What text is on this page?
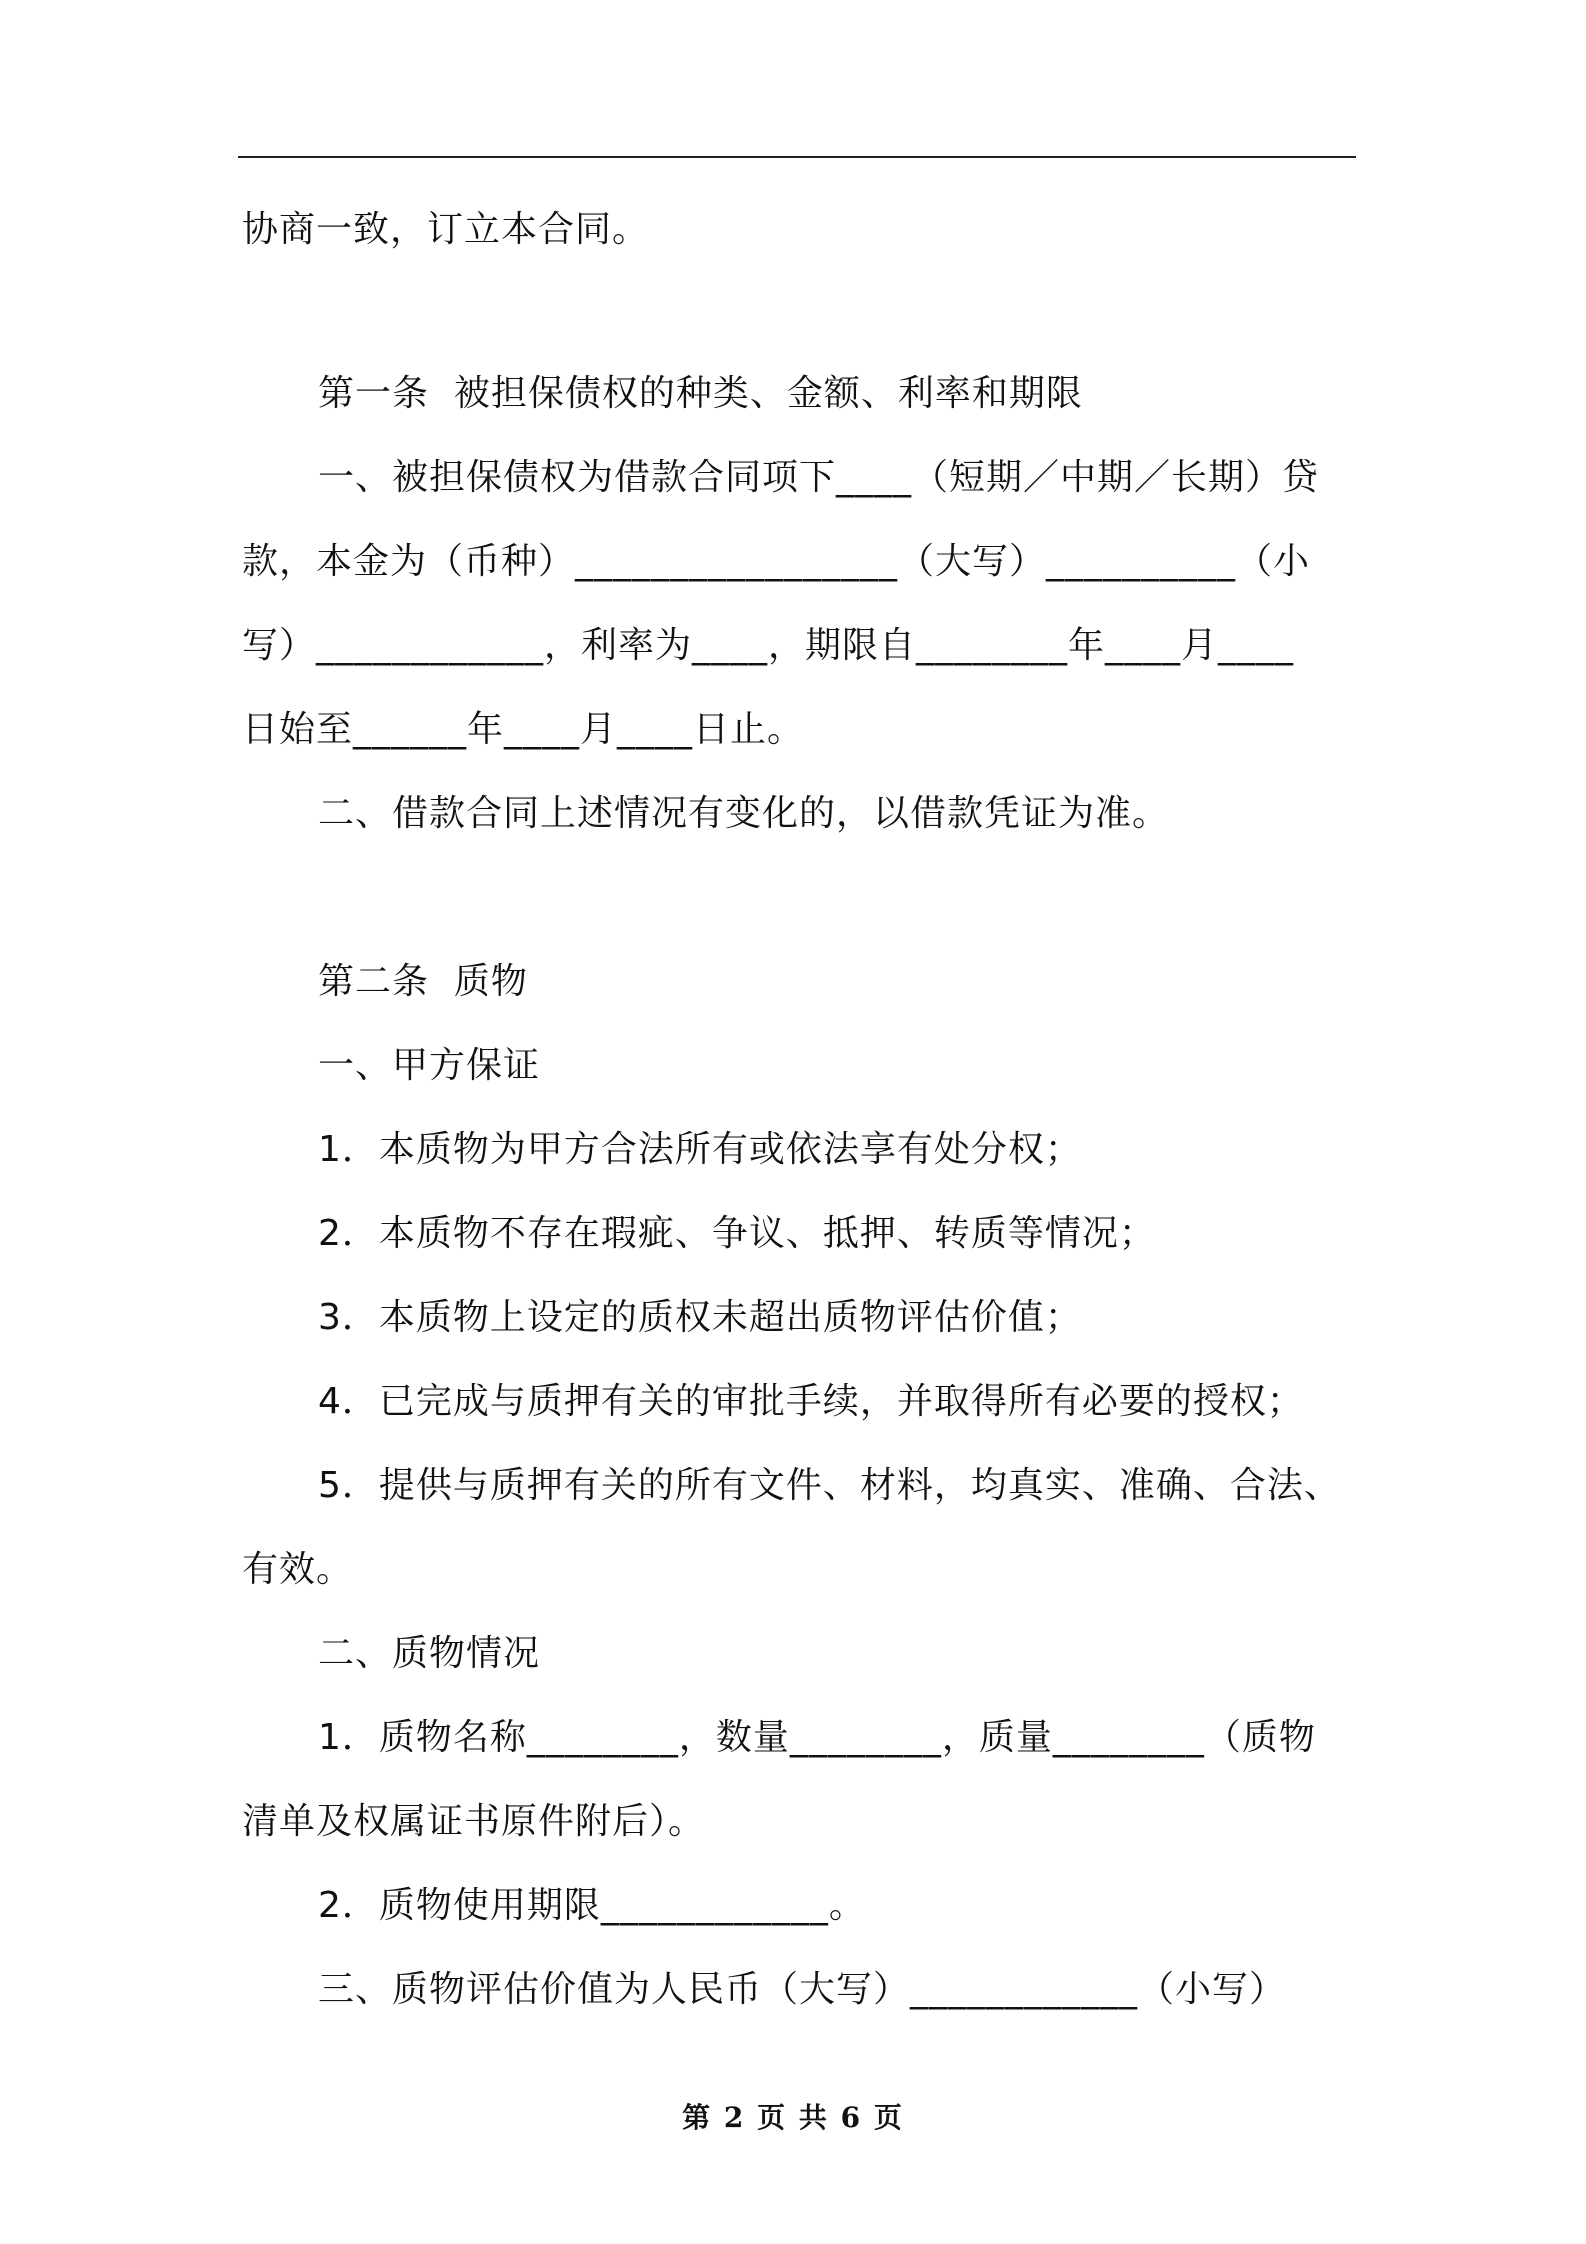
协商一致，订立本合同。
第一条  被担保债权的种类、金额、利率和期限
一、被担保债权为借款合同项下____（短期／中期／长期）贷
款，本金为（币种）_________________（大写）__________（小
写）____________，利率为____，期限自________年____月____
日始至______年____月____日止。
二、借款合同上述情况有变化的，以借款凭证为准。
第二条  质物
一、甲方保证
1．本质物为甲方合法所有或依法享有处分权；
2．本质物不存在瑕疵、争议、抵押、转质等情况；
3．本质物上设定的质权未超出质物评估价值；
4．已完成与质押有关的审批手续，并取得所有必要的授权；
5．提供与质押有关的所有文件、材料，均真实、准确、合法、
有效。
二、质物情况
1．质物名称________，数量________，质量________（质物
清单及权属证书原件附后）。
2．质物使用期限____________。
三、质物评估价值为人民币（大写）____________（小写）
第 2 页 共 6 页
